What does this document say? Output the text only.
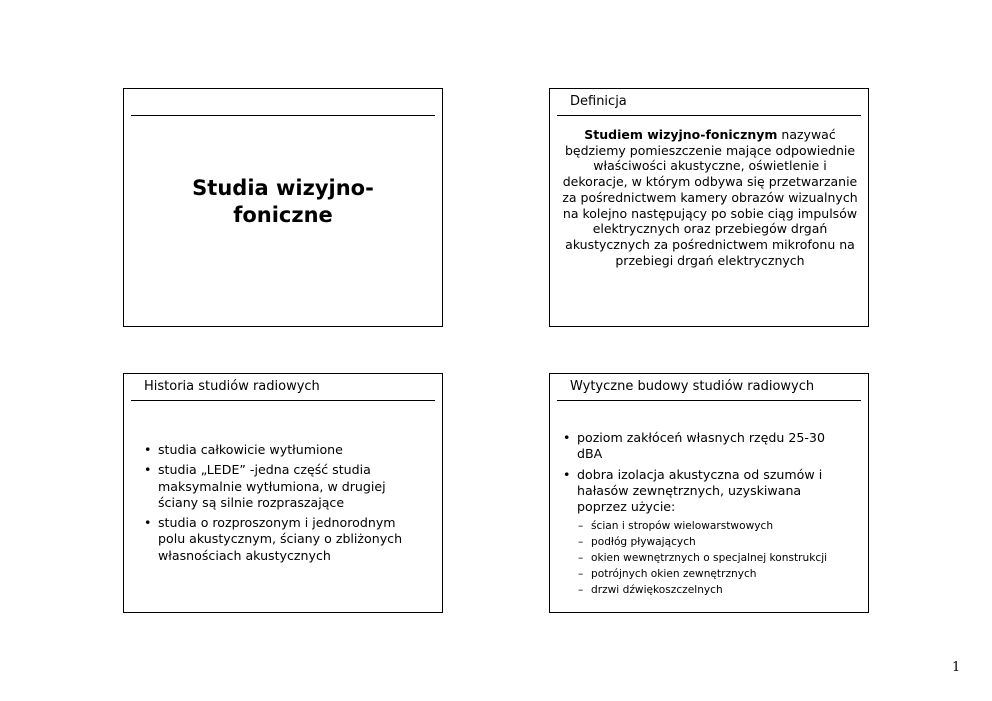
Studia wizyjno-
foniczne
Definicja
Studiem wizyjno-fonicznym nazywać będziemy pomieszczenie mające odpowiednie właściwości akustyczne, oświetlenie i dekoracje, w którym odbywa się przetwarzanie za pośrednictwem kamery obrazów wizualnych na kolejno następujący po sobie ciąg impulsów elektrycznych oraz przebiegów drgań akustycznych za pośrednictwem mikrofonu na przebiegi drgań elektrycznych
Historia studiów radiowych
• studia całkowicie wytłumione
• studia „LEDE” -jedna część studia maksymalnie wytłumiona, w drugiej ściany są silnie rozpraszające
• studia o rozproszonym i jednorodnym polu akustycznym, ściany o zbliżonych własnościach akustycznych
Wytyczne budowy studiów radiowych
• poziom zakłóceń własnych rzędu 25-30 dBA
• dobra izolacja akustyczna od szumów i hałasów zewnętrznych, uzyskiwana poprzez użycie:
– ścian i stropów wielowarstwowych
– podłóg pływających
– okien wewnętrznych o specjalnej konstrukcji
– potrójnych okien zewnętrznych
– drzwi dźwiękoszczelnych
1
